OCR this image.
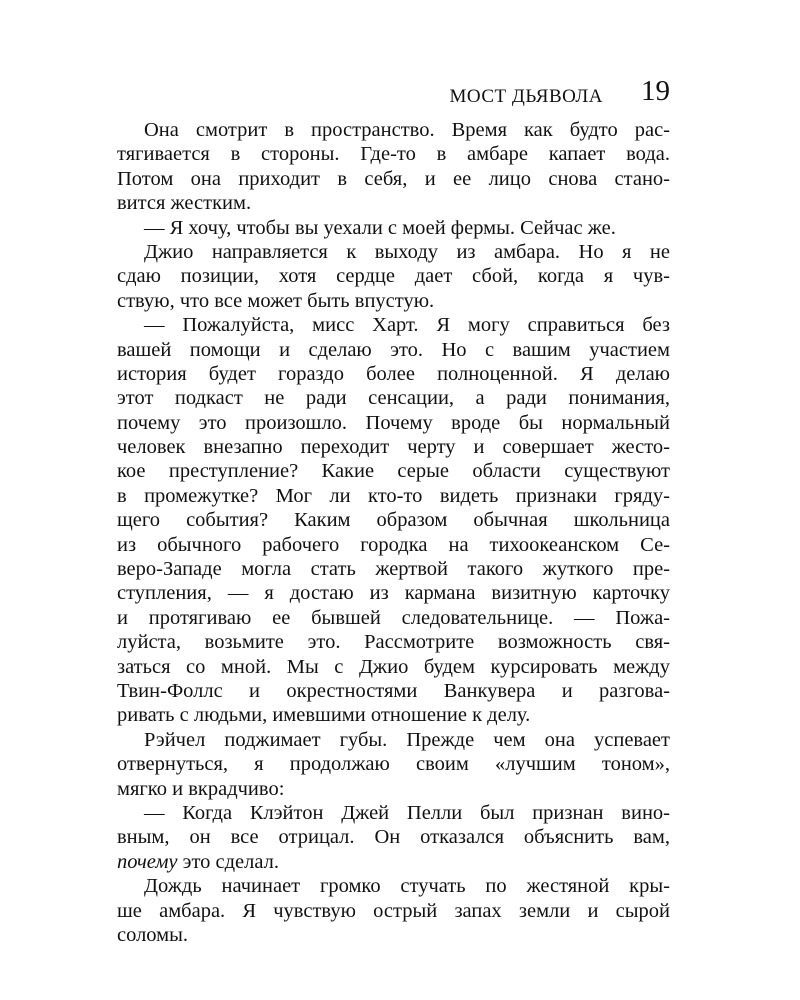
МОСТ ДЬЯВОЛА 19
Она смотрит в пространство. Время как будто рас-
тягивается в стороны. Где-то в амбаре капает вода.
Потом она приходит в себя, и ее лицо снова стано-
вится жестким.
— Я хочу, чтобы вы уехали с моей фермы. Сейчас же.
Джио направляется к выходу из амбара. Но я не
сдаю позиции, хотя сердце дает сбой, когда я чув-
ствую, что все может быть впустую.
— Пожалуйста, мисс Харт. Я могу справиться без
вашей помощи и сделаю это. Но с вашим участием
история будет гораздо более полноценной. Я делаю
этот подкаст не ради сенсации, а ради понимания,
почему это произошло. Почему вроде бы нормальный
человек внезапно переходит черту и совершает жесто-
кое преступление? Какие серые области существуют
в промежутке? Мог ли кто-то видеть признаки гряду-
щего события? Каким образом обычная школьница
из обычного рабочего городка на тихоокеанском Се-
веро-Западе могла стать жертвой такого жуткого пре-
ступления, — я достаю из кармана визитную карточку
и протягиваю ее бывшей следовательнице. — Пожа-
луйста, возьмите это. Рассмотрите возможность свя-
заться со мной. Мы с Джио будем курсировать между
Твин-Фоллс и окрестностями Ванкувера и разгова-
ривать с людьми, имевшими отношение к делу.
Рэйчел поджимает губы. Прежде чем она успевает
отвернуться, я продолжаю своим «лучшим тоном»,
мягко и вкрадчиво:
— Когда Клэйтон Джей Пелли был признан вино-
вным, он все отрицал. Он отказался объяснить вам,
почему это сделал.
Дождь начинает громко стучать по жестяной кры-
ше амбара. Я чувствую острый запах земли и сырой
соломы.
